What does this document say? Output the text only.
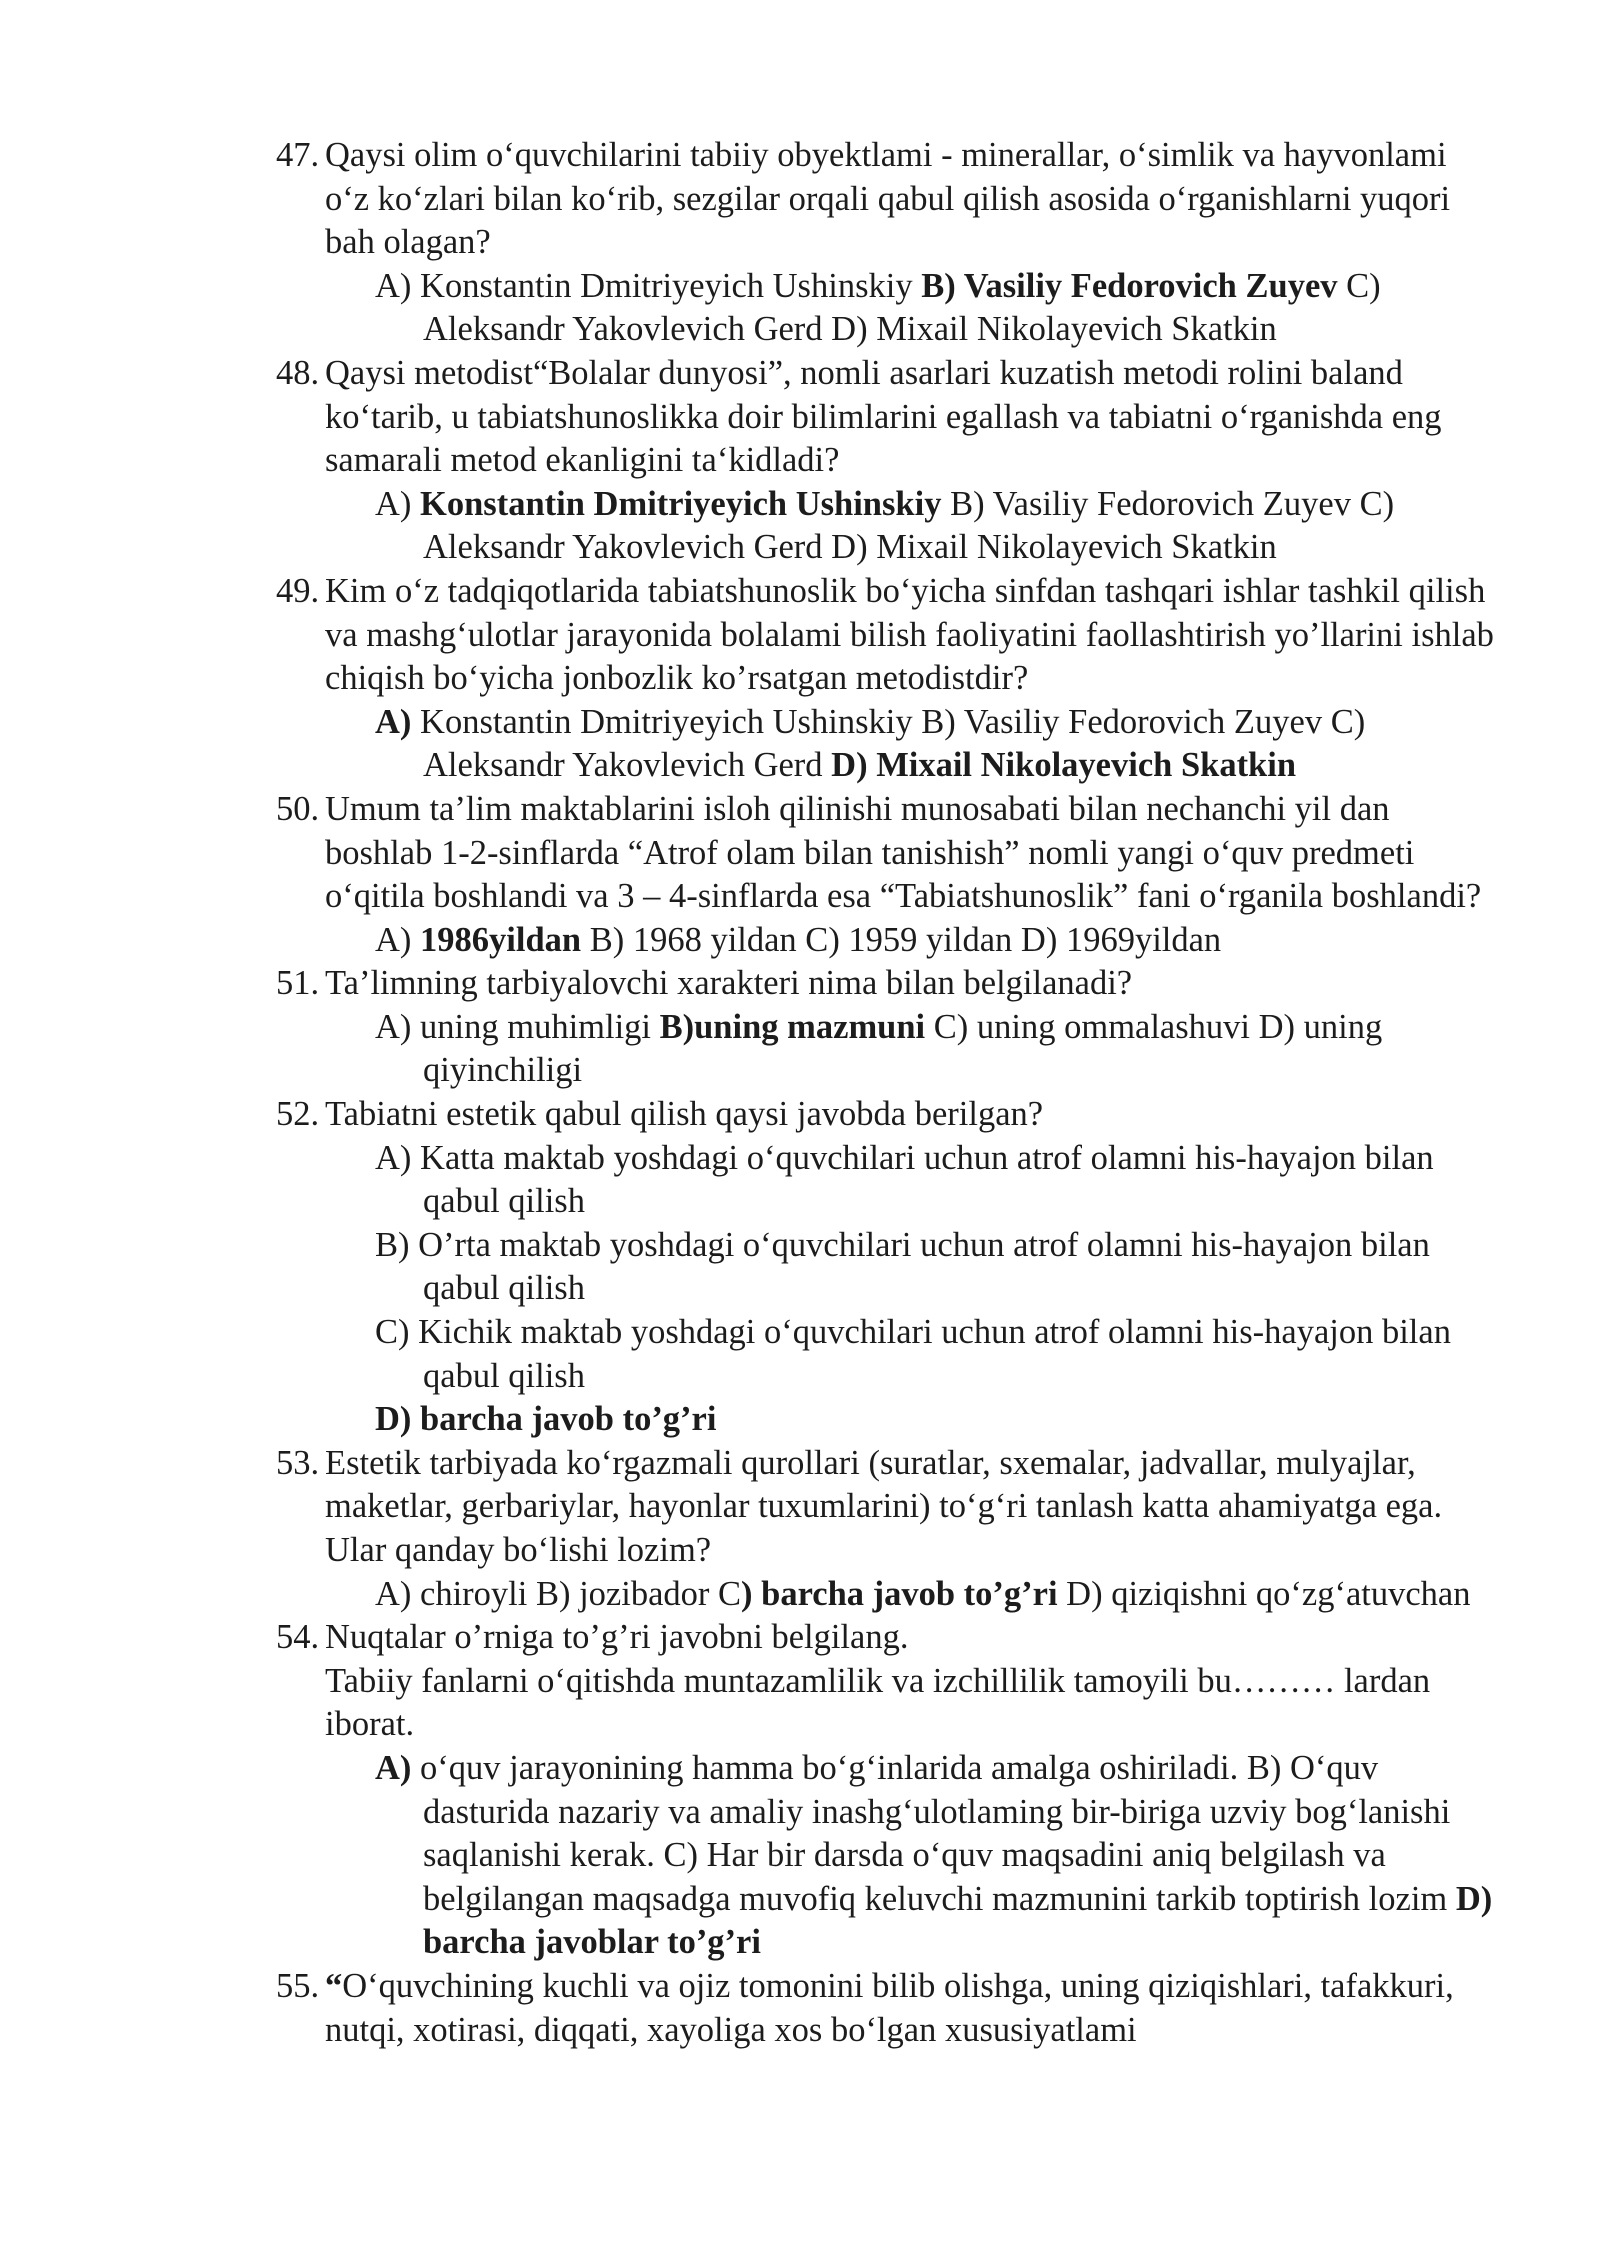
47. Qaysi olim o‘quvchilarini tabiiy obyektlami - minerallar, o‘simlik va hayvonlami o‘z ko‘zlari bilan ko‘rib, sezgilar orqali qabul qilish asosida o‘rganishlarni yuqori bah olagan?
A) Konstantin Dmitriyeyich Ushinskiy B) Vasiliy Fedorovich Zuyev C) Aleksandr Yakovlevich Gerd D) Mixail Nikolayevich Skatkin
48. Qaysi metodist“Bolalar dunyosi”, nomli asarlari kuzatish metodi rolini baland ko‘tarib, u tabiatshunoslikka doir bilimlarini egallash va tabiatni o‘rganishda eng samarali metod ekanligini ta‘kidladi?
A) Konstantin Dmitriyeyich Ushinskiy B) Vasiliy Fedorovich Zuyev C) Aleksandr Yakovlevich Gerd D) Mixail Nikolayevich Skatkin
49. Kim o‘z tadqiqotlarida tabiatshunoslik bo‘yicha sinfdan tashqari ishlar tashkil qilish va mashg‘ulotlar jarayonida bolalami bilish faoliyatini faollashtirish yo’llarini ishlab chiqish bo‘yicha jonbozlik ko’rsatgan metodistdir?
A) Konstantin Dmitriyeyich Ushinskiy B) Vasiliy Fedorovich Zuyev C) Aleksandr Yakovlevich Gerd D) Mixail Nikolayevich Skatkin
50. Umum ta’lim maktablarini isloh qilinishi munosabati bilan nechanchi yil dan boshlab 1-2-sinflarda “Atrof olam bilan tanishish” nomli yangi o‘quv predmeti o‘qitila boshlandi va 3 – 4-sinflarda esa “Tabiatshunoslik” fani o‘rganila boshlandi?
A) 1986yildan B) 1968 yildan C) 1959 yildan D) 1969yildan
51. Ta’limning tarbiyalovchi xarakteri nima bilan belgilanadi?
A) uning muhimligi B)uning mazmuni C) uning ommalashuvi D) uning qiyinchiligi
52. Tabiatni estetik qabul qilish qaysi javobda berilgan?
A) Katta maktab yoshdagi o‘quvchilari uchun atrof olamni his-hayajon bilan qabul qilish
B) O’rta maktab yoshdagi o‘quvchilari uchun atrof olamni his-hayajon bilan qabul qilish
C) Kichik maktab yoshdagi o‘quvchilari uchun atrof olamni his-hayajon bilan qabul qilish
D) barcha javob to’g’ri
53. Estetik tarbiyada ko‘rgazmali qurollari (suratlar, sxemalar, jadvallar, mulyajlar, maketlar, gerbariylar, hayonlar tuxumlarini) to‘g‘ri tanlash katta ahamiyatga ega. Ular qanday bo‘lishi lozim?
A) chiroyli B) jozibador C) barcha javob to’g’ri D) qiziqishni qo‘zg‘atuvchan
54. Nuqtalar o’rniga to’g’ri javobni belgilang.
Tabiiy fanlarni o‘qitishda muntazamlilik va izchillilik tamoyili bu……… lardan iborat.
A) o‘quv jarayonining hamma bo‘g‘inlarida amalga oshiriladi. B) O‘quv dasturida nazariy va amaliy inashg‘ulotlaming bir-biriga uzviy bog‘lanishi saqlanishi kerak. C) Har bir darsda o‘quv maqsadini aniq belgilash va belgilangan maqsadga muvofiq keluvchi mazmunini tarkib toptirish lozim D) barcha javoblar to’g’ri
55. “O‘quvchining kuchli va ojiz tomonini bilib olishga, uning qiziqishlari, tafakkuri, nutqi, xotirasi, diqqati, xayoliga xos bo‘lgan xususiyatlami
